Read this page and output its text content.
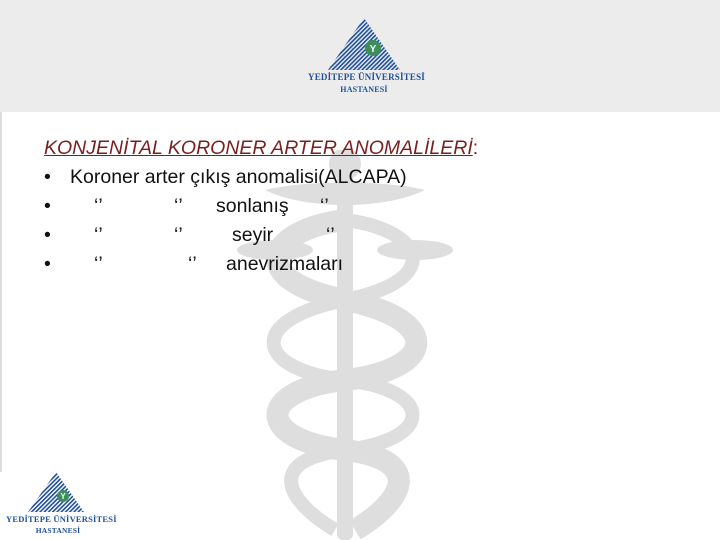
Y
YEDİTEPE ÜNİVERSİTESİ
HASTANESİ
Y
YEDİTEPE ÜNİVERSİTESİ
HASTANESİ
KONJENİTAL KORONER ARTER ANOMALİLERİ:
• Koroner arter çıkış anomalisi(ALCAPA)
• ‘’	‘’ sonlanış ‘’
• ‘’	‘’	seyir	‘’
• ‘’	‘’ anevrizmaları
